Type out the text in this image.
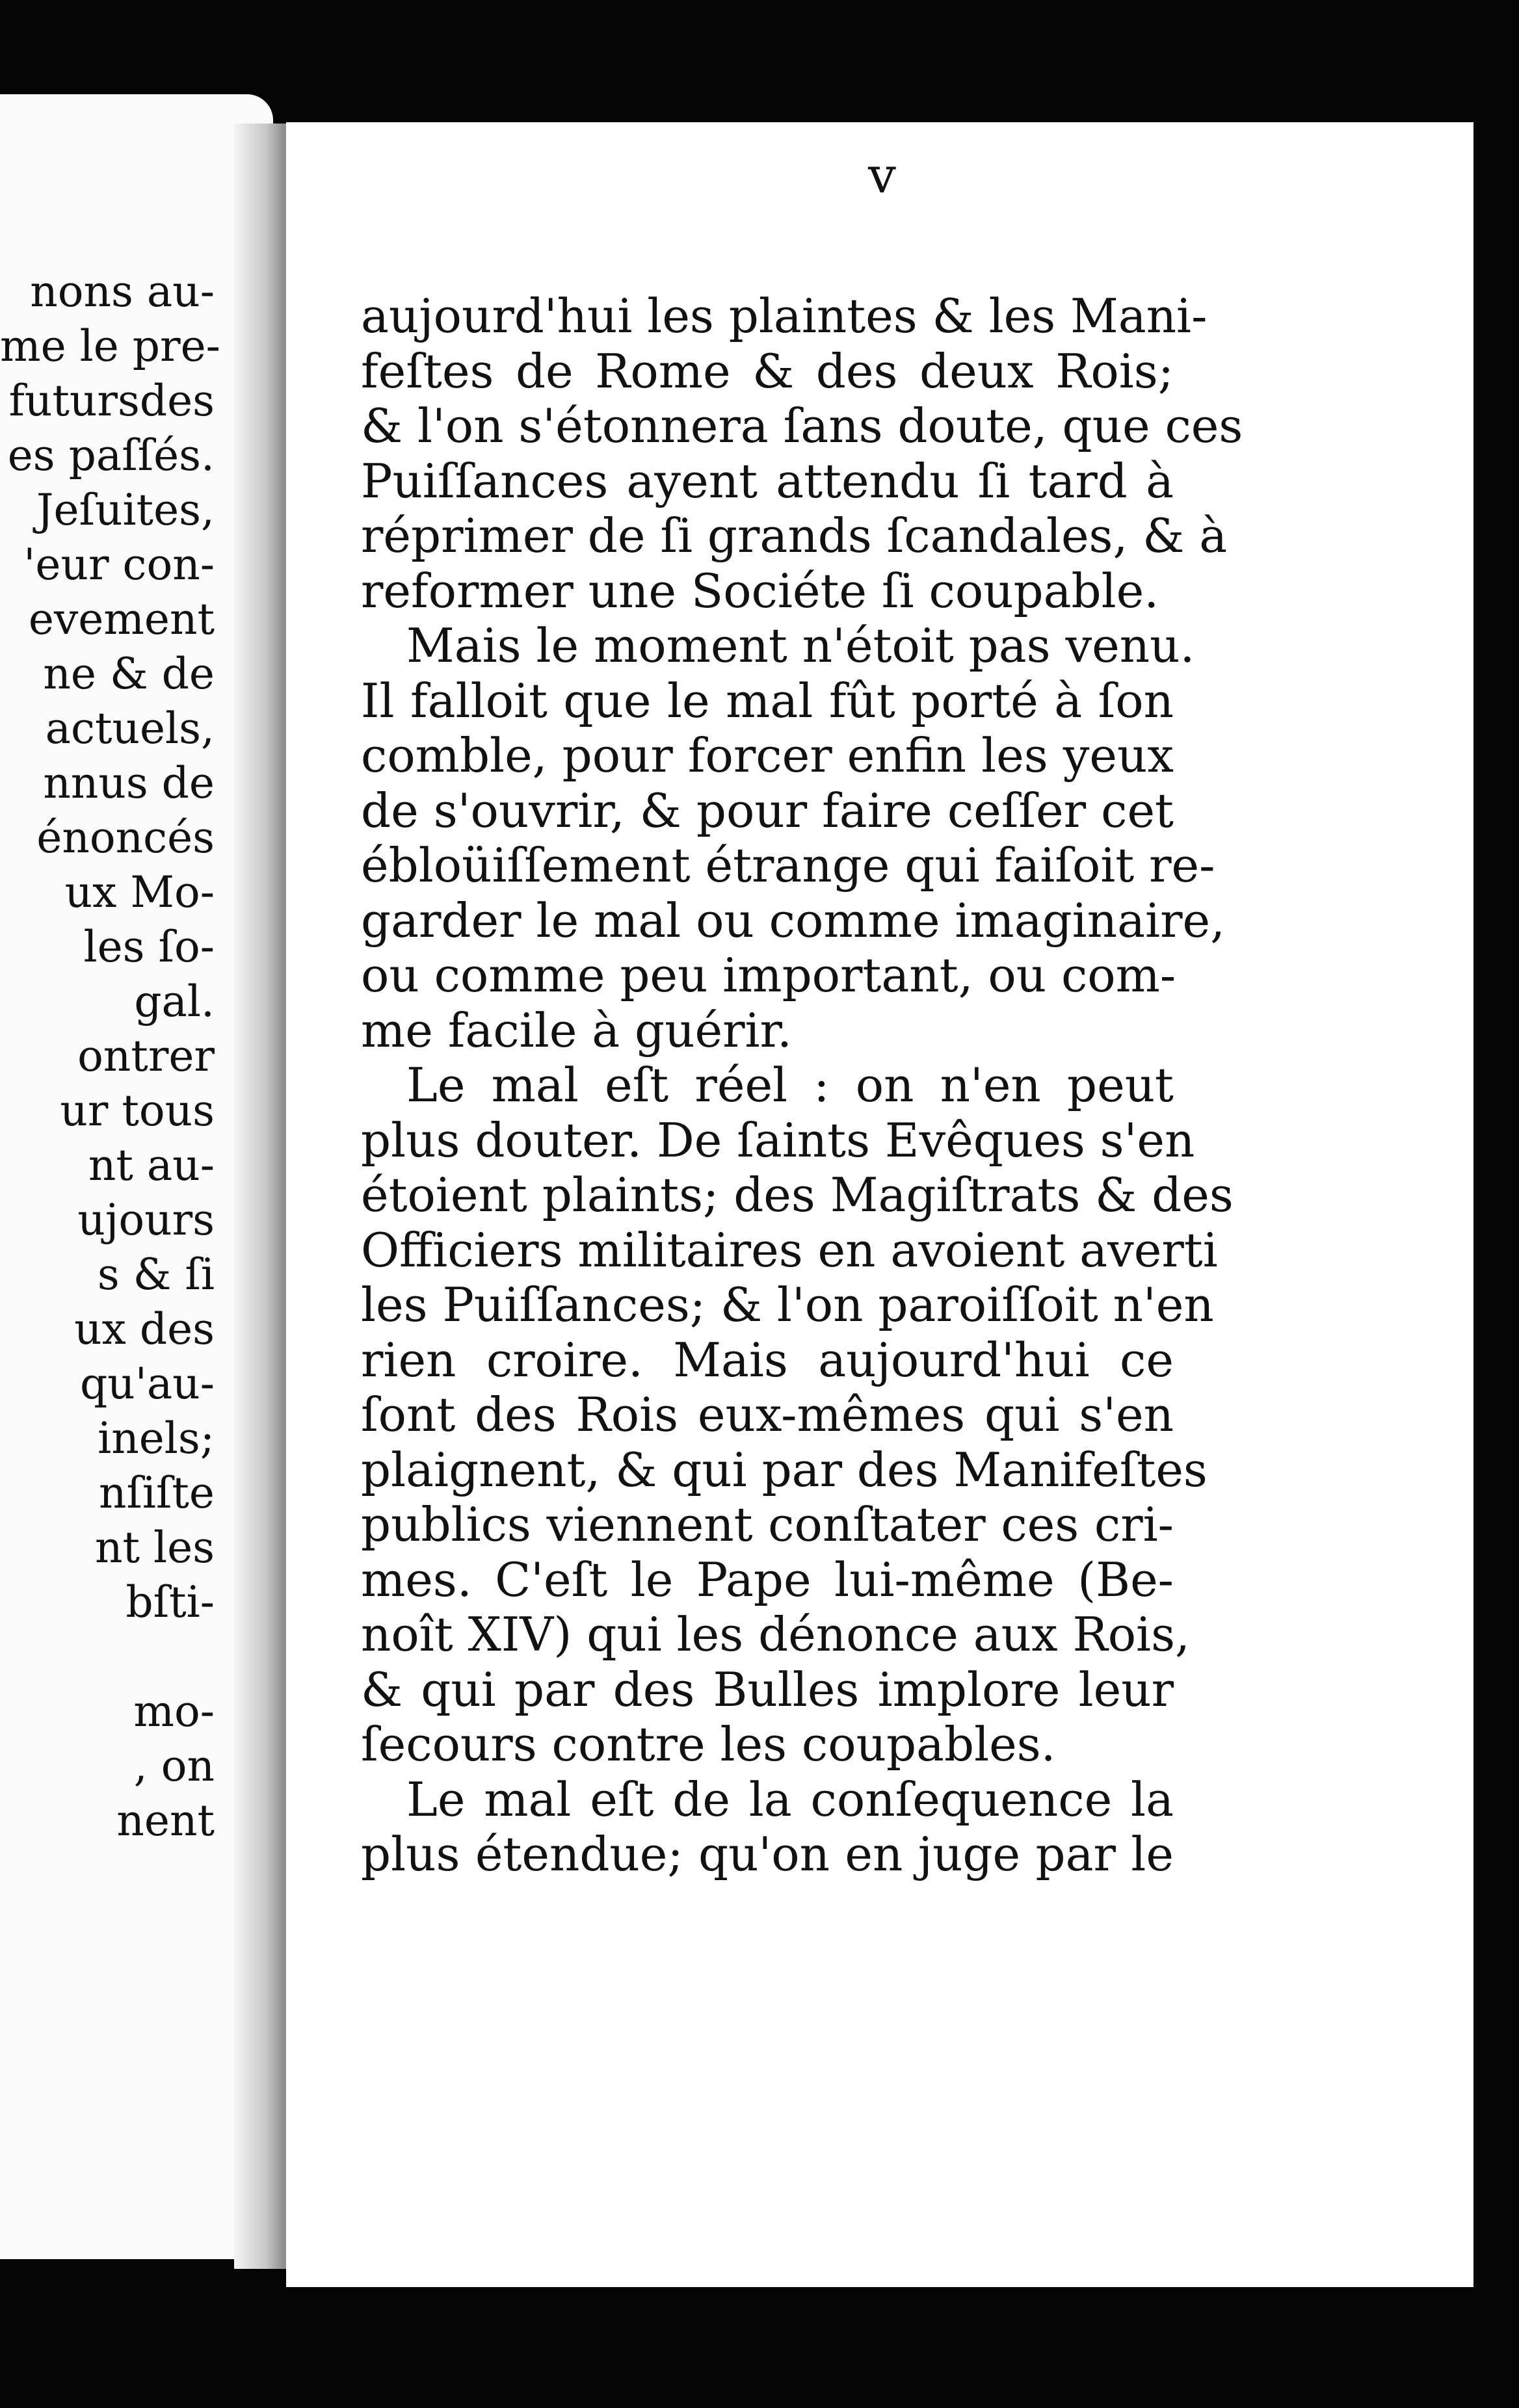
nons au-
me le pre-
futursdes
es paſſés.
Jeſuites,
'eur con-
evement
ne & de
actuels,
nnus de
énoncés
ux Mo-
les ſo-
gal.
ontrer
ur tous
nt au-
ujours
s & ſi
ux des
qu'au-
inels;
nſiſte
nt les
bſti-
mo-
, on
nent
v
aujourd'hui les plaintes & les Mani-
feſtes de Rome & des deux Rois;
& l'on s'étonnera ſans doute, que ces
Puiſſances ayent attendu ſi tard à
réprimer de ſi grands ſcandales, & à
reformer une Sociéte ſi coupable.
Mais le moment n'étoit pas venu.
Il falloit que le mal fût porté à ſon
comble, pour forcer enfin les yeux
de s'ouvrir, & pour faire ceſſer cet
ébloüiſſement étrange qui faiſoit re-
garder le mal ou comme imaginaire,
ou comme peu important, ou com-
me facile à guérir.
Le mal eſt réel : on n'en peut
plus douter. De ſaints Evêques s'en
étoient plaints; des Magiſtrats & des
Officiers militaires en avoient averti
les Puiſſances; & l'on paroiſſoit n'en
rien croire. Mais aujourd'hui ce
ſont des Rois eux-mêmes qui s'en
plaignent, & qui par des Manifeſtes
publics viennent conſtater ces cri-
mes. C'eſt le Pape lui-même (Be-
noît XIV) qui les dénonce aux Rois,
& qui par des Bulles implore leur
ſecours contre les coupables.
Le mal eſt de la conſequence la
plus étendue; qu'on en juge par le
